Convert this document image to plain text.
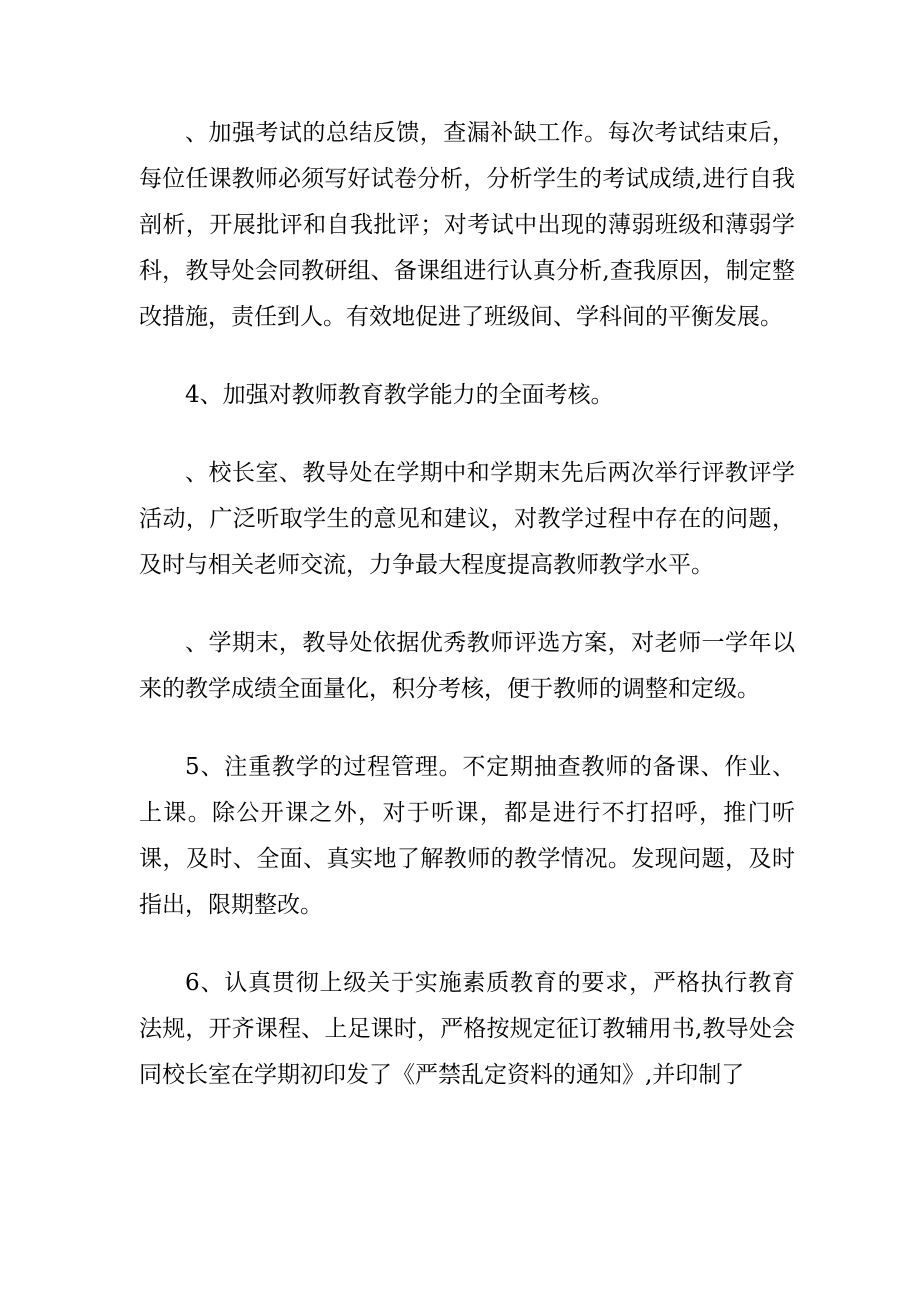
、加强考试的总结反馈，查漏补缺工作。每次考试结束后，每位任课教师必须写好试卷分析，分析学生的考试成绩,进行自我剖析，开展批评和自我批评；对考试中出现的薄弱班级和薄弱学科，教导处会同教研组、备课组进行认真分析,查我原因，制定整改措施，责任到人。有效地促进了班级间、学科间的平衡发展。

4、加强对教师教育教学能力的全面考核。

、校长室、教导处在学期中和学期末先后两次举行评教评学活动，广泛听取学生的意见和建议，对教学过程中存在的问题，及时与相关老师交流，力争最大程度提高教师教学水平。

、学期末，教导处依据优秀教师评选方案，对老师一学年以来的教学成绩全面量化，积分考核，便于教师的调整和定级。

5、注重教学的过程管理。不定期抽查教师的备课、作业、上课。除公开课之外，对于听课，都是进行不打招呼，推门听课，及时、全面、真实地了解教师的教学情况。发现问题，及时指出，限期整改。

6、认真贯彻上级关于实施素质教育的要求，严格执行教育法规，开齐课程、上足课时，严格按规定征订教辅用书,教导处会同校长室在学期初印发了《严禁乱定资料的通知》,并印制了
